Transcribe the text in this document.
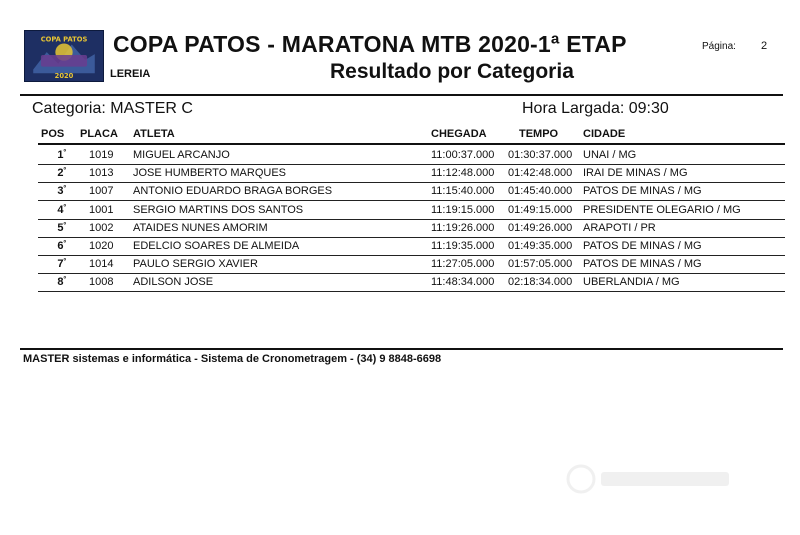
COPA PATOS
2020
COPA PATOS - MARATONA MTB 2020-1ª ETAP	Página: 2
LEREIA	Resultado por Categoria
Categoria: MASTER C	Hora Largada: 09:30
POS PLACA ATLETA	CHEGADA	TEMPO CIDADE
$1^º$ 1019 MIGUEL ARCANJO	11:00:37.000 01:30:37.000 UNAI / MG
$2^º$ 1013 JOSE HUMBERTO MARQUES	11:12:48.000 01:42:48.000 IRAI DE MINAS / MG
$3^º$ 1007 ANTONIO EDUARDO BRAGA BORGES	11:15:40.000 01:45:40.000 PATOS DE MINAS / MG
$4^º$ 1001 SERGIO MARTINS DOS SANTOS	11:19:15.000 01:49:15.000 PRESIDENTE OLEGARIO / MG
$5^º$ 1002 ATAIDES NUNES AMORIM	11:19:26.000 01:49:26.000 ARAPOTI / PR
$6^º$ 1020 EDELCIO SOARES DE ALMEIDA	11:19:35.000 01:49:35.000 PATOS DE MINAS / MG
$7^º$ 1014 PAULO SERGIO XAVIER	11:27:05.000 01:57:05.000 PATOS DE MINAS / MG
$8^º$ 1008 ADILSON JOSE	11:48:34.000 02:18:34.000 UBERLANDIA / MG
MASTER sistemas e informática - Sistema de Cronometragem - (34) 9 8848-6698
